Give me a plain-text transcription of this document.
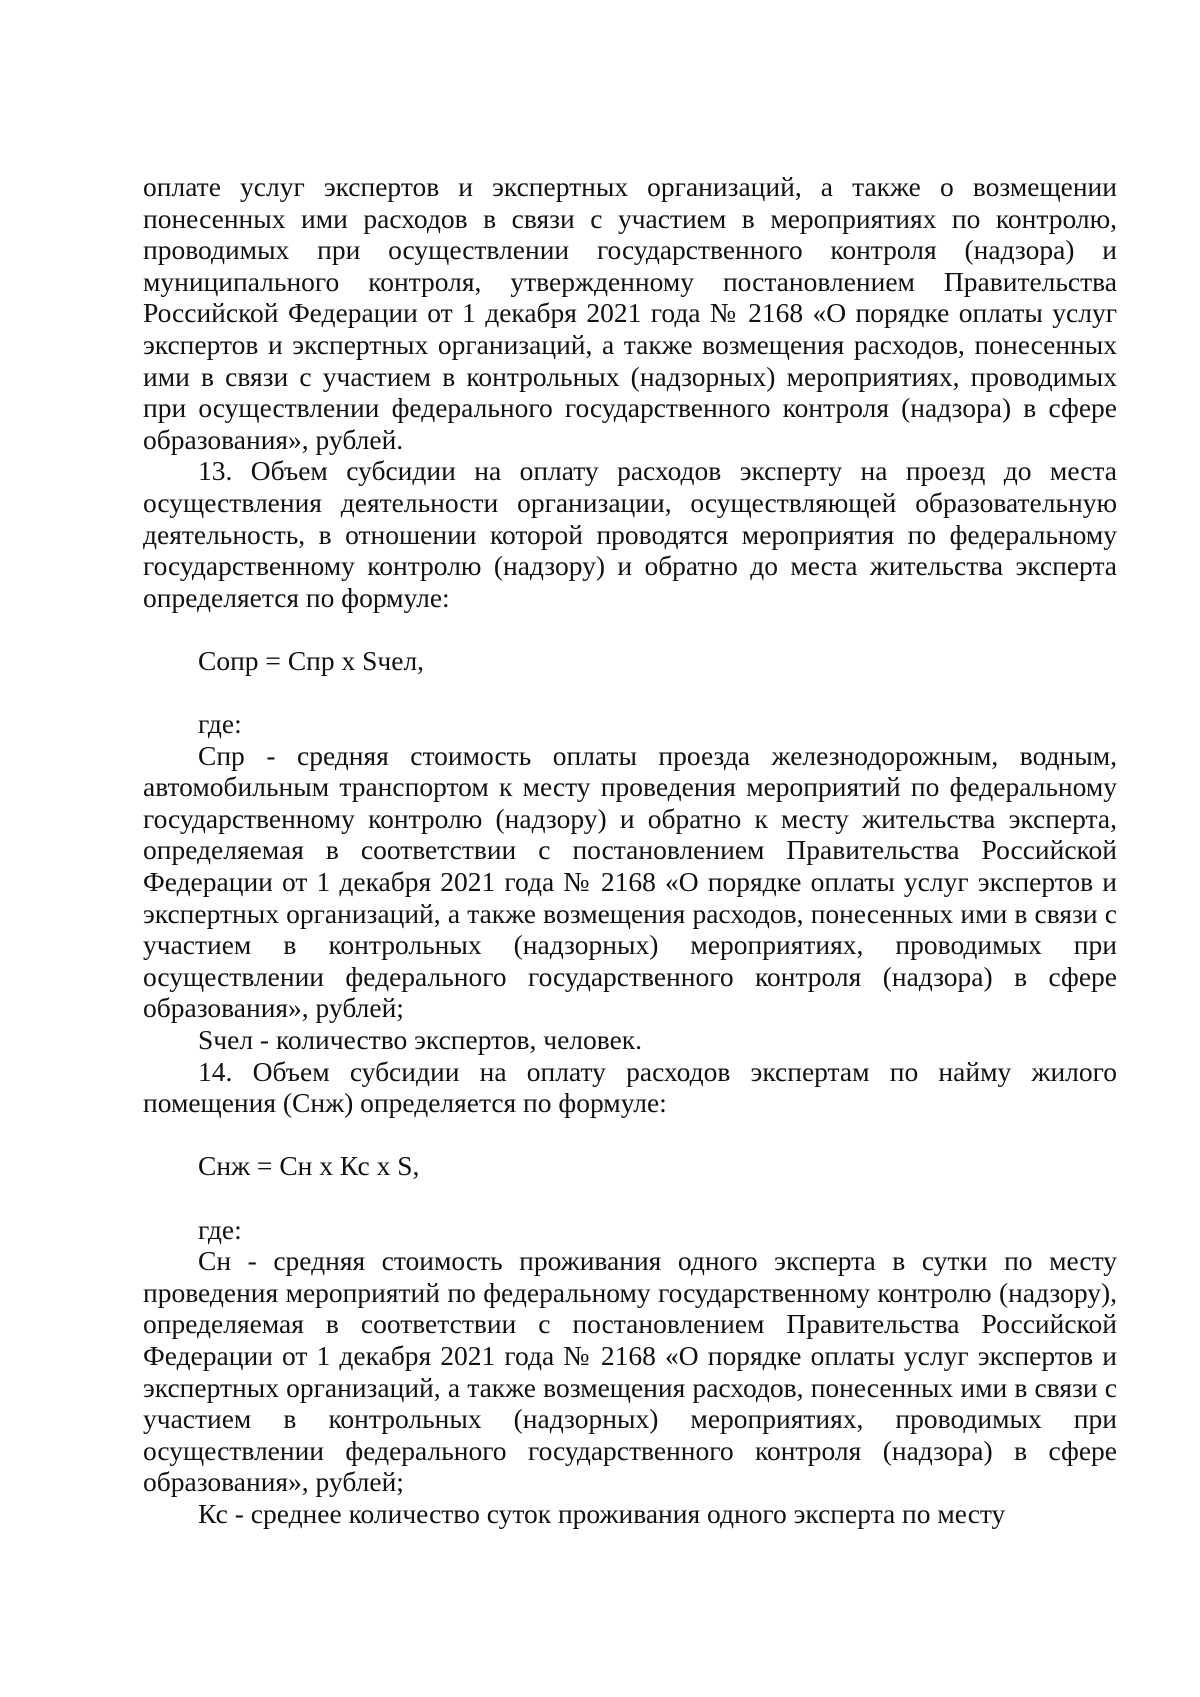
оплате услуг экспертов и экспертных организаций, а также о возмещении понесенных ими расходов в связи с участием в мероприятиях по контролю, проводимых при осуществлении государственного контроля (надзора) и муниципального контроля, утвержденному постановлением Правительства Российской Федерации от 1 декабря 2021 года № 2168 «О порядке оплаты услуг экспертов и экспертных организаций, а также возмещения расходов, понесенных ими в связи с участием в контрольных (надзорных) мероприятиях, проводимых при осуществлении федерального государственного контроля (надзора) в сфере образования», рублей.

13. Объем субсидии на оплату расходов эксперту на проезд до места осуществления деятельности организации, осуществляющей образовательную деятельность, в отношении которой проводятся мероприятия по федеральному государственному контролю (надзору) и обратно до места жительства эксперта определяется по формуле:

Сопр = Спр x Sчел,

где:

Спр - средняя стоимость оплаты проезда железнодорожным, водным, автомобильным транспортом к месту проведения мероприятий по федеральному государственному контролю (надзору) и обратно к месту жительства эксперта, определяемая в соответствии с постановлением Правительства Российской Федерации от 1 декабря 2021 года № 2168 «О порядке оплаты услуг экспертов и экспертных организаций, а также возмещения расходов, понесенных ими в связи с участием в контрольных (надзорных) мероприятиях, проводимых при осуществлении федерального государственного контроля (надзора) в сфере образования», рублей;

Sчел - количество экспертов, человек.

14. Объем субсидии на оплату расходов экспертам по найму жилого помещения (Снж) определяется по формуле:

Снж = Сн x Кс x S,

где:

Сн - средняя стоимость проживания одного эксперта в сутки по месту проведения мероприятий по федеральному государственному контролю (надзору), определяемая в соответствии с постановлением Правительства Российской Федерации от 1 декабря 2021 года № 2168 «О порядке оплаты услуг экспертов и экспертных организаций, а также возмещения расходов, понесенных ими в связи с участием в контрольных (надзорных) мероприятиях, проводимых при осуществлении федерального государственного контроля (надзора) в сфере образования», рублей;

Кс - среднее количество суток проживания одного эксперта по месту
